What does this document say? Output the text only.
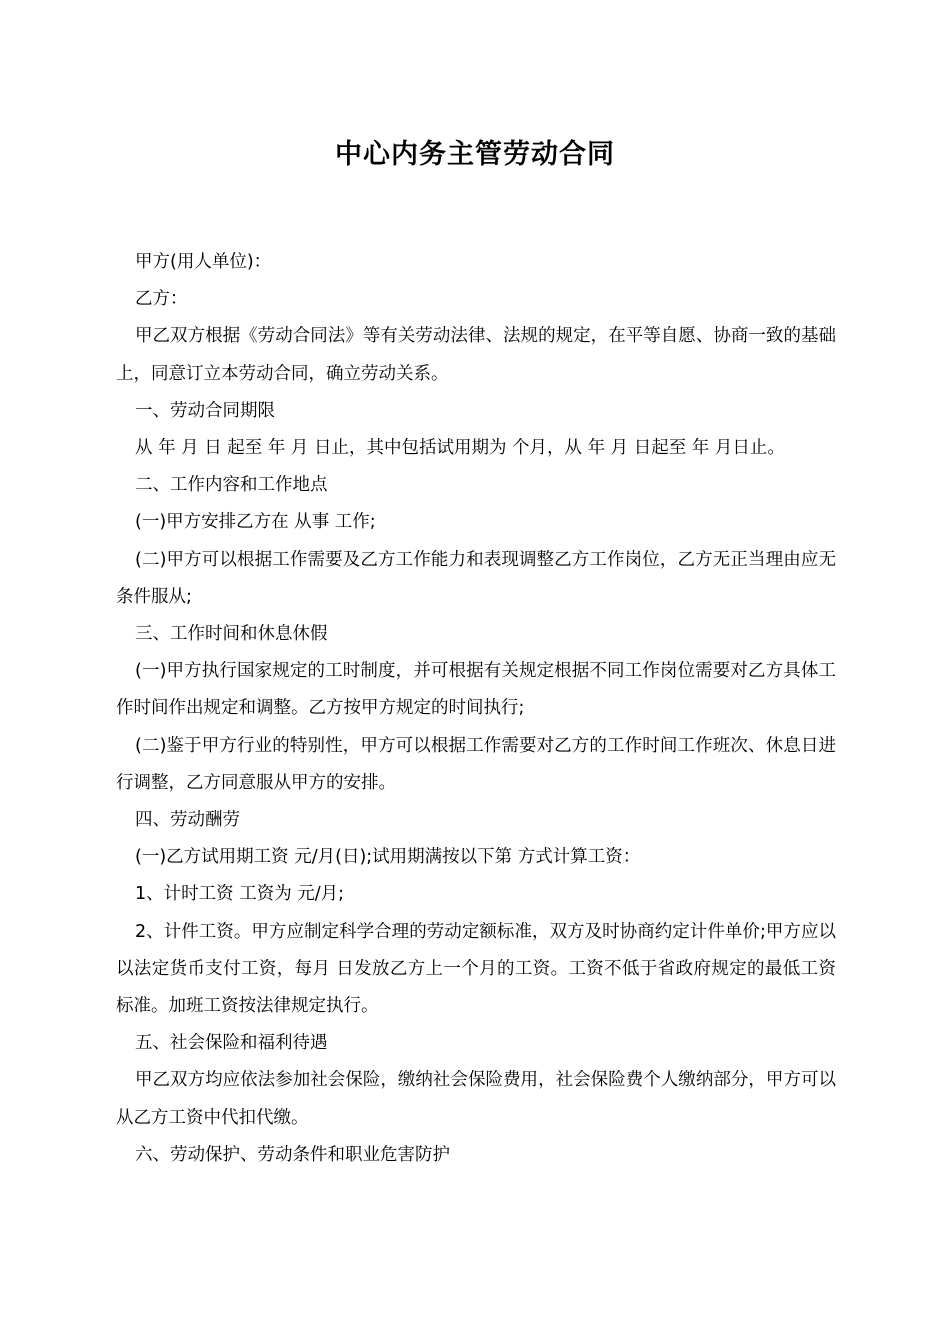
中心内务主管劳动合同

甲方(用人单位)：

乙方：

甲乙双方根据《劳动合同法》等有关劳动法律、法规的规定，在平等自愿、协商一致的基础上，同意订立本劳动合同，确立劳动关系。

一、劳动合同期限

从 年 月 日 起至 年 月 日止，其中包括试用期为 个月，从 年 月 日起至 年 月日止。

二、工作内容和工作地点

(一)甲方安排乙方在 从事 工作;

(二)甲方可以根据工作需要及乙方工作能力和表现调整乙方工作岗位，乙方无正当理由应无条件服从;

三、工作时间和休息休假

(一)甲方执行国家规定的工时制度，并可根据有关规定根据不同工作岗位需要对乙方具体工作时间作出规定和调整。乙方按甲方规定的时间执行;

(二)鉴于甲方行业的特别性，甲方可以根据工作需要对乙方的工作时间工作班次、休息日进行调整，乙方同意服从甲方的安排。

四、劳动酬劳

(一)乙方试用期工资 元/月(日);试用期满按以下第 方式计算工资：

1、计时工资 工资为 元/月;

2、计件工资。甲方应制定科学合理的劳动定额标准，双方及时协商约定计件单价;甲方应以以法定货币支付工资，每月 日发放乙方上一个月的工资。工资不低于省政府规定的最低工资标准。加班工资按法律规定执行。

五、社会保险和福利待遇

甲乙双方均应依法参加社会保险，缴纳社会保险费用，社会保险费个人缴纳部分，甲方可以从乙方工资中代扣代缴。

六、劳动保护、劳动条件和职业危害防护
